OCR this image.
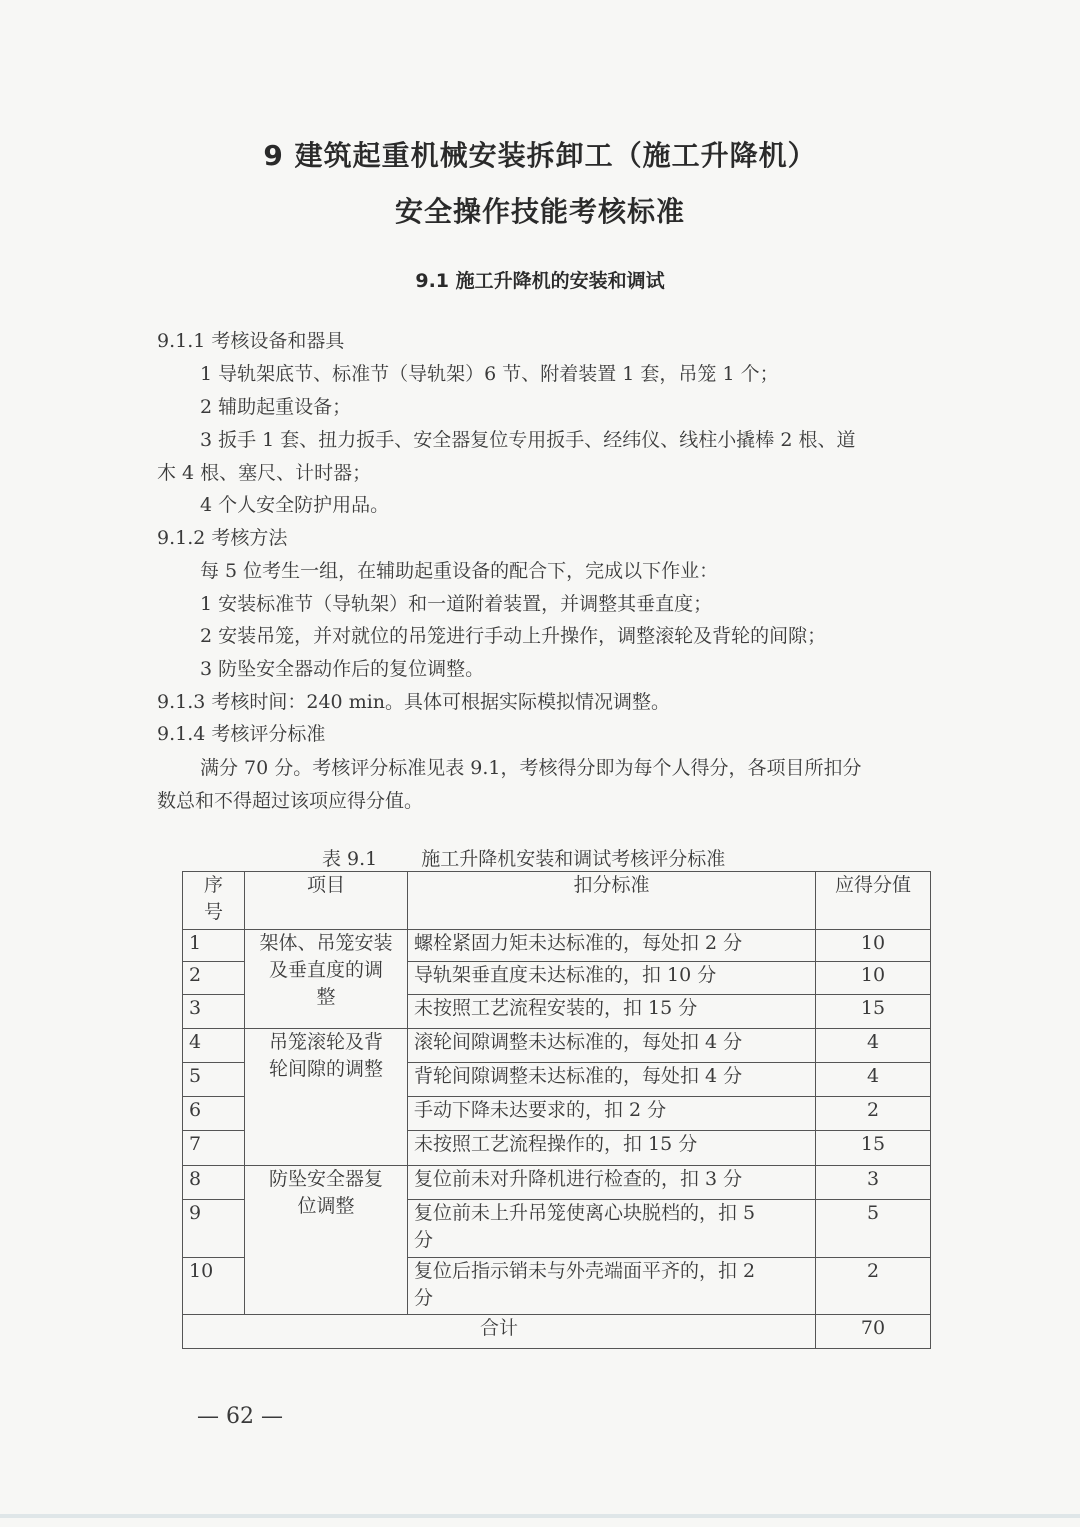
9 建筑起重机械安装拆卸工（施工升降机）
安全操作技能考核标准
9.1 施工升降机的安装和调试
9.1.1 考核设备和器具
1 导轨架底节、标准节（导轨架）6 节、附着装置 1 套，吊笼 1 个；
2 辅助起重设备；
3 扳手 1 套、扭力扳手、安全器复位专用扳手、经纬仪、线柱小撬棒 2 根、道
木 4 根、塞尺、计时器；
4 个人安全防护用品。
9.1.2 考核方法
每 5 位考生一组，在辅助起重设备的配合下，完成以下作业：
1 安装标准节（导轨架）和一道附着装置，并调整其垂直度；
2 安装吊笼，并对就位的吊笼进行手动上升操作，调整滚轮及背轮的间隙；
3 防坠安全器动作后的复位调整。
9.1.3 考核时间：240 min。具体可根据实际模拟情况调整。
9.1.4 考核评分标准
满分 70 分。考核评分标准见表 9.1，考核得分即为每个人得分，各项目所扣分
数总和不得超过该项应得分值。
表 9.1 施工升降机安装和调试考核评分标准
序
号	项目	扣分标准	应得分值
1	架体、吊笼安装
及垂直度的调
整	螺栓紧固力矩未达标准的，每处扣 2 分	10
2		导轨架垂直度未达标准的，扣 10 分	10
3		未按照工艺流程安装的，扣 15 分	15
4	吊笼滚轮及背
轮间隙的调整	滚轮间隙调整未达标准的，每处扣 4 分	4
5		背轮间隙调整未达标准的，每处扣 4 分	4
6		手动下降未达要求的，扣 2 分	2
7		未按照工艺流程操作的，扣 15 分	15
8	防坠安全器复
位调整	复位前未对升降机进行检查的，扣 3 分	3
9		复位前未上升吊笼使离心块脱档的，扣 5
分	5
10		复位后指示销未与外壳端面平齐的，扣 2
分	2
合计			70
— 62 —
